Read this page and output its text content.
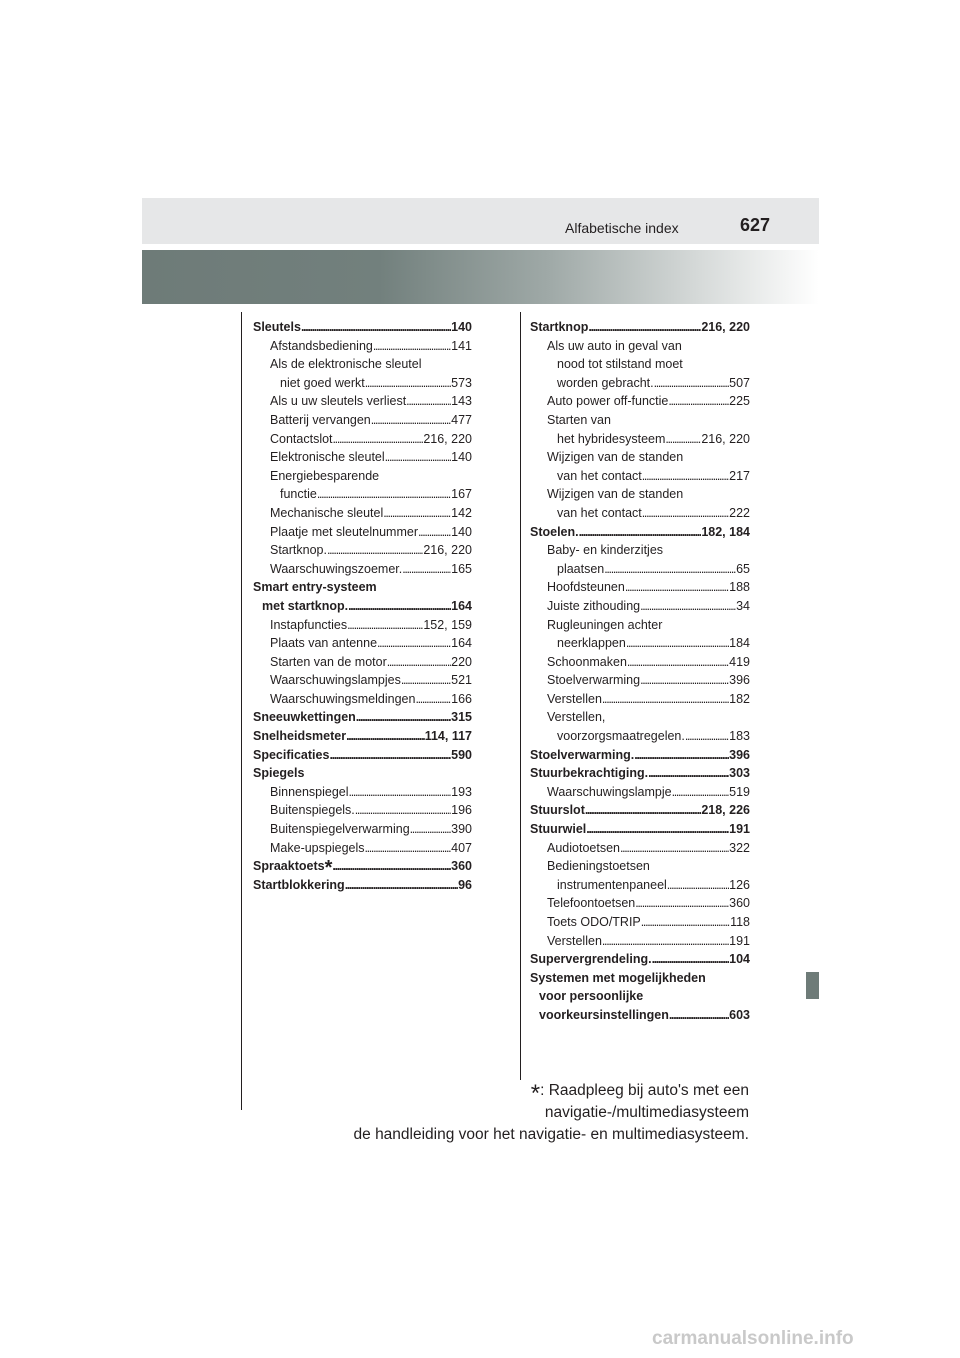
Alfabetische index	627
Sleutels . . .	140
Afstandsbediening . . .	141
Als de elektronische sleutel
niet goed werkt . . .	573
Als u uw sleutels verliest . . .	143
Batterij vervangen . . .	477
Contactslot . . .	216, 220
Elektronische sleutel . . .	140
Energiebesparende
functie . . .	167
Mechanische sleutel . . .	142
Plaatje met sleutelnummer . . .	140
Startknop. . . .	216, 220
Waarschuwingszoemer. . . .	165
Smart entry-systeem
met startknop. . . .	164
Instapfuncties . . .	152, 159
Plaats van antenne . . .	164
Starten van de motor . . .	220
Waarschuwingslampjes . . .	521
Waarschuwingsmeldingen . . .	166
Sneeuwkettingen . . .	315
Snelheidsmeter . . .	114, 117
Specificaties . . .	590
Spiegels
Binnenspiegel . . .	193
Buitenspiegels. . . .	196
Buitenspiegelverwarming . . .	390
Make-upspiegels . . .	407
Spraaktoets* . . .	360
Startblokkering . . .	96
Startknop . . .	216, 220
Als uw auto in geval van
nood tot stilstand moet
worden gebracht. . . .	507
Auto power off-functie . . .	225
Starten van
het hybridesysteem . . .	216, 220
Wijzigen van de standen
van het contact . . .	217
Wijzigen van de standen
van het contact . . .	222
Stoelen. . . .	182, 184
Baby- en kinderzitjes
plaatsen . . .	65
Hoofdsteunen . . .	188
Juiste zithouding . . .	34
Rugleuningen achter
neerklappen . . .	184
Schoonmaken . . .	419
Stoelverwarming . . .	396
Verstellen . . .	182
Verstellen,
voorzorgsmaatregelen. . . .	183
Stoelverwarming. . . .	396
Stuurbekrachtiging. . . .	303
Waarschuwingslampje . . .	519
Stuurslot . . .	218, 226
Stuurwiel . . .	191
Audiotoetsen . . .	322
Bedieningstoetsen
instrumentenpaneel . . .	126
Telefoontoetsen . . .	360
Toets ODO/TRIP . . .	118
Verstellen . . .	191
Supervergrendeling. . . .	104
Systemen met mogelijkheden
voor persoonlijke
voorkeursinstellingen . . .	603
*: Raadpleeg bij auto's met een navigatie-/multimediasysteem
de handleiding voor het navigatie- en multimediasysteem.
carmanualsonline.info
